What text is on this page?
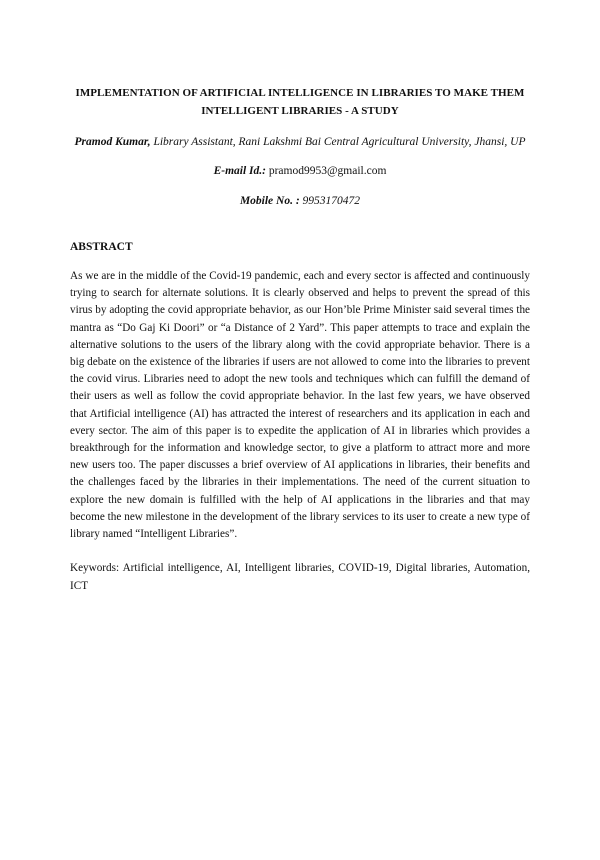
IMPLEMENTATION OF ARTIFICIAL INTELLIGENCE IN LIBRARIES TO MAKE THEM INTELLIGENT LIBRARIES - A STUDY
Pramod Kumar, Library Assistant, Rani Lakshmi Bai Central Agricultural University, Jhansi, UP
E-mail Id.: pramod9953@gmail.com
Mobile No. : 9953170472
ABSTRACT
As we are in the middle of the Covid-19 pandemic, each and every sector is affected and continuously trying to search for alternate solutions. It is clearly observed and helps to prevent the spread of this virus by adopting the covid appropriate behavior, as our Hon’ble Prime Minister said several times the mantra as “Do Gaj Ki Doori” or “a Distance of 2 Yard”. This paper attempts to trace and explain the alternative solutions to the users of the library along with the covid appropriate behavior. There is a big debate on the existence of the libraries if users are not allowed to come into the libraries to prevent the covid virus. Libraries need to adopt the new tools and techniques which can fulfill the demand of their users as well as follow the covid appropriate behavior. In the last few years, we have observed that Artificial intelligence (AI) has attracted the interest of researchers and its application in each and every sector. The aim of this paper is to expedite the application of AI in libraries which provides a breakthrough for the information and knowledge sector, to give a platform to attract more and more new users too. The paper discusses a brief overview of AI applications in libraries, their benefits and the challenges faced by the libraries in their implementations. The need of the current situation to explore the new domain is fulfilled with the help of AI applications in the libraries and that may become the new milestone in the development of the library services to its user to create a new type of library named “Intelligent Libraries”.
Keywords: Artificial intelligence, AI, Intelligent libraries, COVID-19, Digital libraries, Automation, ICT
